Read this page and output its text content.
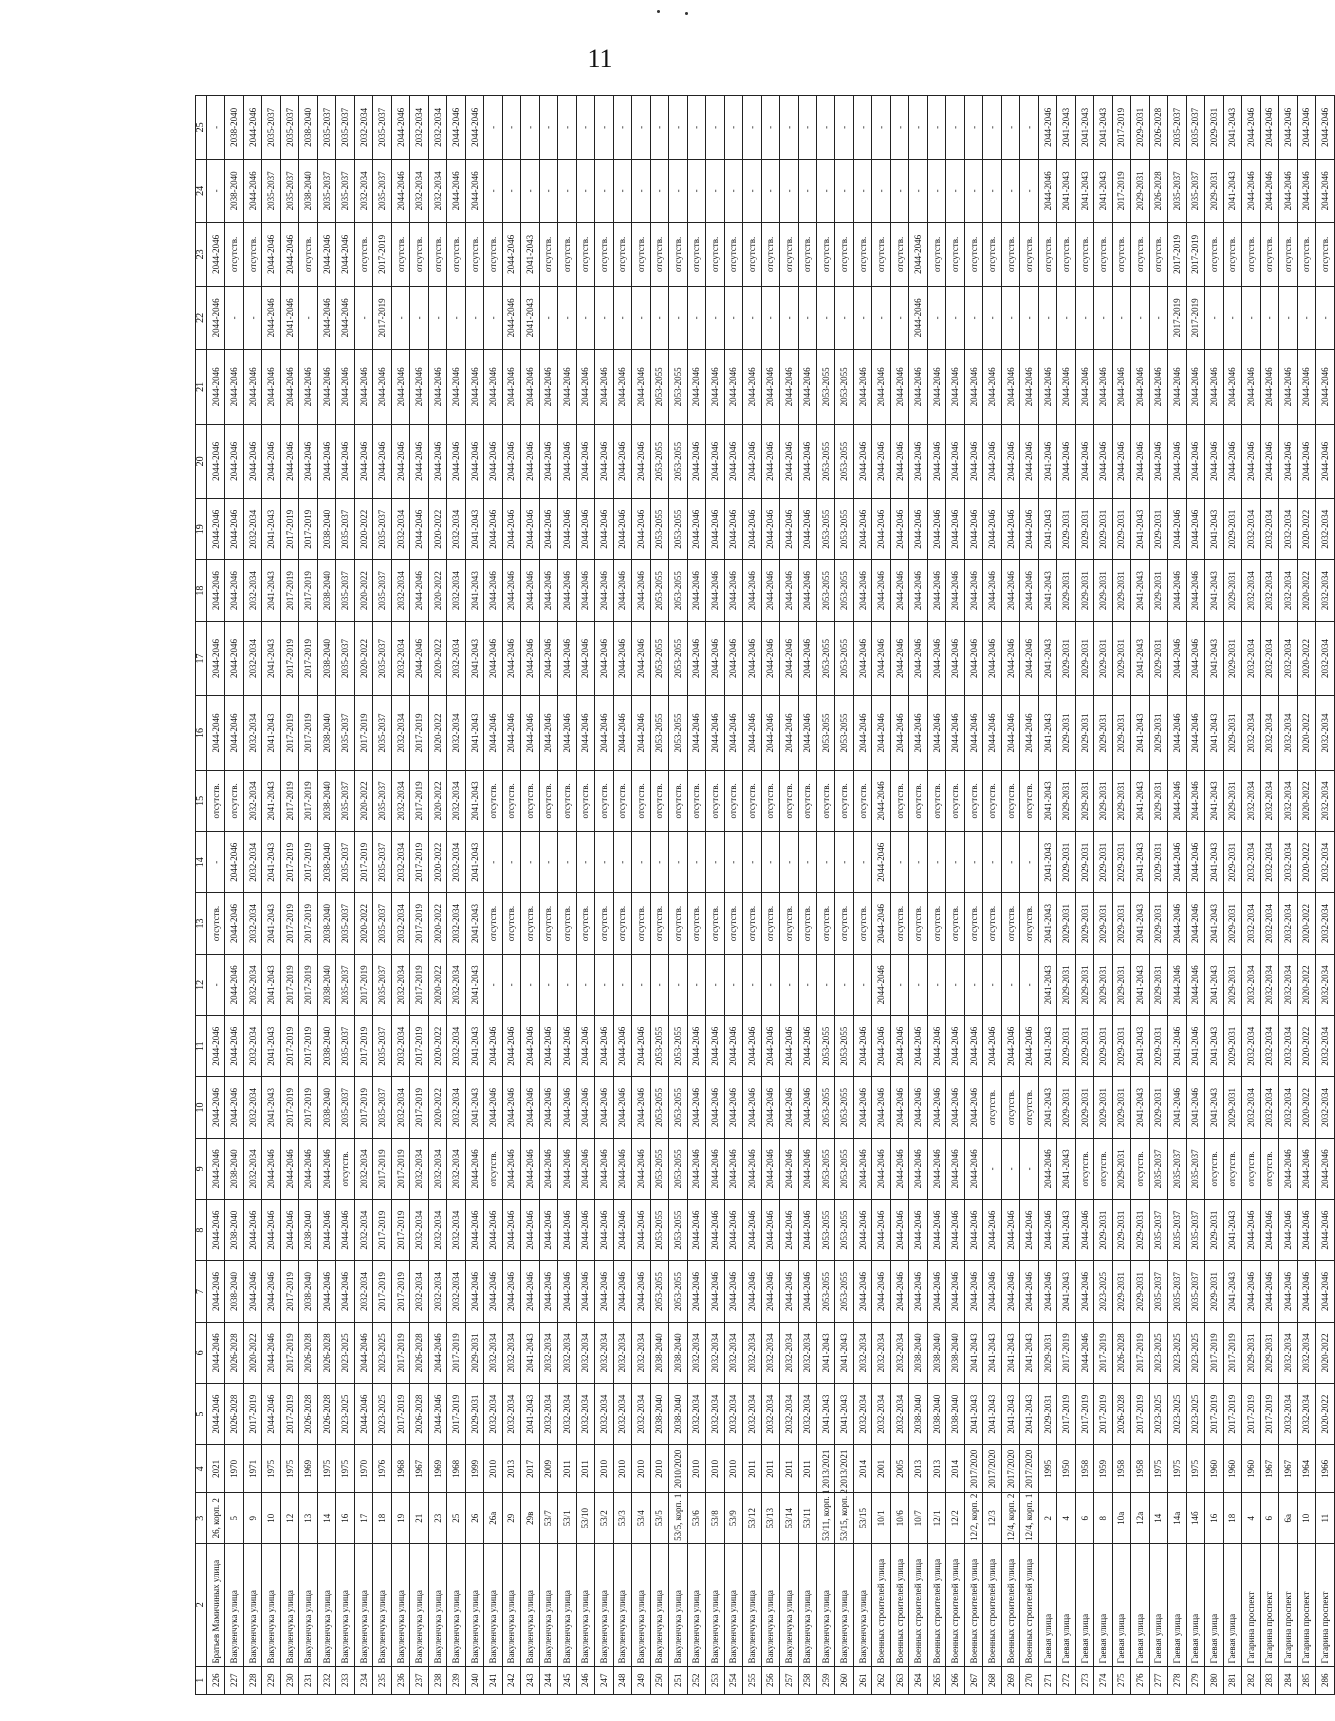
11
1	2	3	4	5	6	7	8	9	10	11	12	13	14	15	16	17	18	19	20	21	22	23	24	25
226	Братьев Мамичиных улица	26, корп. 2	2021	2044-2046	2044-2046	2044-2046	2044-2046	2044-2046	2044-2046	2044-2046	-	отсутств.	-	отсутств.	2044-2046	2044-2046	2044-2046	2044-2046	2044-2046	2044-2046	2044-2046	2044-2046	-	-
227	Вакуленчука улица	5	1970	2026-2028	2026-2028	2038-2040	2038-2040	2038-2040	2044-2046	2044-2046	2044-2046	2044-2046	2044-2046	отсутств.	2044-2046	2044-2046	2044-2046	2044-2046	2044-2046	2044-2046	-	отсутств.	2038-2040	2038-2040
228	Вакуленчука улица	9	1971	2017-2019	2020-2022	2044-2046	2044-2046	2032-2034	2032-2034	2032-2034	2032-2034	2032-2034	2032-2034	2032-2034	2032-2034	2032-2034	2032-2034	2032-2034	2044-2046	2044-2046	-	отсутств.	2044-2046	2044-2046
229	Вакуленчука улица	10	1975	2044-2046	2044-2046	2044-2046	2044-2046	2044-2046	2041-2043	2041-2043	2041-2043	2041-2043	2041-2043	2041-2043	2041-2043	2041-2043	2041-2043	2041-2043	2044-2046	2044-2046	2044-2046	2044-2046	2035-2037	2035-2037
230	Вакуленчука улица	12	1975	2017-2019	2017-2019	2017-2019	2044-2046	2044-2046	2017-2019	2017-2019	2017-2019	2017-2019	2017-2019	2017-2019	2017-2019	2017-2019	2017-2019	2017-2019	2044-2046	2044-2046	2041-2046	2044-2046	2035-2037	2035-2037
231	Вакуленчука улица	13	1969	2026-2028	2026-2028	2038-2040	2038-2040	2044-2046	2017-2019	2017-2019	2017-2019	2017-2019	2017-2019	2017-2019	2017-2019	2017-2019	2017-2019	2017-2019	2044-2046	2044-2046	-	отсутств.	2038-2040	2038-2040
232	Вакуленчука улица	14	1975	2026-2028	2026-2028	2044-2046	2044-2046	2044-2046	2038-2040	2038-2040	2038-2040	2038-2040	2038-2040	2038-2040	2038-2040	2038-2040	2038-2040	2038-2040	2044-2046	2044-2046	2044-2046	2044-2046	2035-2037	2035-2037
233	Вакуленчука улица	16	1975	2023-2025	2023-2025	2044-2046	2044-2046	отсутств.	2035-2037	2035-2037	2035-2037	2035-2037	2035-2037	2035-2037	2035-2037	2035-2037	2035-2037	2035-2037	2044-2046	2044-2046	2044-2046	2044-2046	2035-2037	2035-2037
234	Вакуленчука улица	17	1970	2044-2046	2044-2046	2032-2034	2032-2034	2032-2034	2017-2019	2017-2019	2017-2019	2020-2022	2017-2019	2020-2022	2017-2019	2020-2022	2020-2022	2020-2022	2044-2046	2044-2046	-	отсутств.	2032-2034	2032-2034
235	Вакуленчука улица	18	1976	2023-2025	2023-2025	2017-2019	2017-2019	2017-2019	2035-2037	2035-2037	2035-2037	2035-2037	2035-2037	2035-2037	2035-2037	2035-2037	2035-2037	2035-2037	2044-2046	2044-2046	2017-2019	2017-2019	2035-2037	2035-2037
236	Вакуленчука улица	19	1968	2017-2019	2017-2019	2017-2019	2017-2019	2017-2019	2032-2034	2032-2034	2032-2034	2032-2034	2032-2034	2032-2034	2032-2034	2032-2034	2032-2034	2032-2034	2044-2046	2044-2046	-	отсутств.	2044-2046	2044-2046
237	Вакуленчука улица	21	1967	2026-2028	2026-2028	2032-2034	2032-2034	2032-2034	2017-2019	2017-2019	2017-2019	2017-2019	2017-2019	2017-2019	2017-2019	2044-2046	2044-2046	2044-2046	2044-2046	2044-2046	-	отсутств.	2032-2034	2032-2034
238	Вакуленчука улица	23	1969	2044-2046	2044-2046	2032-2034	2032-2034	2032-2034	2020-2022	2020-2022	2020-2022	2020-2022	2020-2022	2020-2022	2020-2022	2020-2022	2020-2022	2020-2022	2044-2046	2044-2046	-	отсутств.	2032-2034	2032-2034
239	Вакуленчука улица	25	1968	2017-2019	2017-2019	2032-2034	2032-2034	2032-2034	2032-2034	2032-2034	2032-2034	2032-2034	2032-2034	2032-2034	2032-2034	2032-2034	2032-2034	2032-2034	2044-2046	2044-2046	-	отсутств.	2044-2046	2044-2046
240	Вакуленчука улица	26	1999	2029-2031	2029-2031	2044-2046	2044-2046	2044-2046	2041-2043	2041-2043	2041-2043	2041-2043	2041-2043	2041-2043	2041-2043	2041-2043	2041-2043	2041-2043	2044-2046	2044-2046	-	отсутств.	2044-2046	2044-2046
241	Вакуленчука улица	26а	2010	2032-2034	2032-2034	2044-2046	2044-2046	отсутств.	2044-2046	2044-2046	-	отсутств.	-	отсутств.	2044-2046	2044-2046	2044-2046	2044-2046	2044-2046	2044-2046	-	отсутств.	-	-
242	Вакуленчука улица	29	2013	2032-2034	2032-2034	2044-2046	2044-2046	2044-2046	2044-2046	2044-2046	-	отсутств.	-	отсутств.	2044-2046	2044-2046	2044-2046	2044-2046	2044-2046	2044-2046	2044-2046	2044-2046	-	-
243	Вакуленчука улица	29в	2017	2041-2043	2041-2043	2044-2046	2044-2046	2044-2046	2044-2046	2044-2046	-	отсутств.	-	отсутств.	2044-2046	2044-2046	2044-2046	2044-2046	2044-2046	2044-2046	2041-2043	2041-2043	-	-
244	Вакуленчука улица	53/7	2009	2032-2034	2032-2034	2044-2046	2044-2046	2044-2046	2044-2046	2044-2046	-	отсутств.	-	отсутств.	2044-2046	2044-2046	2044-2046	2044-2046	2044-2046	2044-2046	-	отсутств.	-	-
245	Вакуленчука улица	53/1	2011	2032-2034	2032-2034	2044-2046	2044-2046	2044-2046	2044-2046	2044-2046	-	отсутств.	-	отсутств.	2044-2046	2044-2046	2044-2046	2044-2046	2044-2046	2044-2046	-	отсутств.	-	-
246	Вакуленчука улица	53/10	2011	2032-2034	2032-2034	2044-2046	2044-2046	2044-2046	2044-2046	2044-2046	-	отсутств.	-	отсутств.	2044-2046	2044-2046	2044-2046	2044-2046	2044-2046	2044-2046	-	отсутств.	-	-
247	Вакуленчука улица	53/2	2010	2032-2034	2032-2034	2044-2046	2044-2046	2044-2046	2044-2046	2044-2046	-	отсутств.	-	отсутств.	2044-2046	2044-2046	2044-2046	2044-2046	2044-2046	2044-2046	-	отсутств.	-	-
248	Вакуленчука улица	53/3	2010	2032-2034	2032-2034	2044-2046	2044-2046	2044-2046	2044-2046	2044-2046	-	отсутств.	-	отсутств.	2044-2046	2044-2046	2044-2046	2044-2046	2044-2046	2044-2046	-	отсутств.	-	-
249	Вакуленчука улица	53/4	2010	2032-2034	2032-2034	2044-2046	2044-2046	2044-2046	2044-2046	2044-2046	-	отсутств.	-	отсутств.	2044-2046	2044-2046	2044-2046	2044-2046	2044-2046	2044-2046	-	отсутств.	-	-
250	Вакуленчука улица	53/5	2010	2038-2040	2038-2040	2053-2055	2053-2055	2053-2055	2053-2055	2053-2055	-	отсутств.	-	отсутств.	2053-2055	2053-2055	2053-2055	2053-2055	2053-2055	2053-2055	-	отсутств.	-	-
251	Вакуленчука улица	53/5, корп. 1	2010/2020	2038-2040	2038-2040	2053-2055	2053-2055	2053-2055	2053-2055	2053-2055	-	отсутств.	-	отсутств.	2053-2055	2053-2055	2053-2055	2053-2055	2053-2055	2053-2055	-	отсутств.	-	-
252	Вакуленчука улица	53/6	2010	2032-2034	2032-2034	2044-2046	2044-2046	2044-2046	2044-2046	2044-2046	-	отсутств.	-	отсутств.	2044-2046	2044-2046	2044-2046	2044-2046	2044-2046	2044-2046	-	отсутств.	-	-
253	Вакуленчука улица	53/8	2010	2032-2034	2032-2034	2044-2046	2044-2046	2044-2046	2044-2046	2044-2046	-	отсутств.	-	отсутств.	2044-2046	2044-2046	2044-2046	2044-2046	2044-2046	2044-2046	-	отсутств.	-	-
254	Вакуленчука улица	53/9	2010	2032-2034	2032-2034	2044-2046	2044-2046	2044-2046	2044-2046	2044-2046	-	отсутств.	-	отсутств.	2044-2046	2044-2046	2044-2046	2044-2046	2044-2046	2044-2046	-	отсутств.	-	-
255	Вакуленчука улица	53/12	2011	2032-2034	2032-2034	2044-2046	2044-2046	2044-2046	2044-2046	2044-2046	-	отсутств.	-	отсутств.	2044-2046	2044-2046	2044-2046	2044-2046	2044-2046	2044-2046	-	отсутств.	-	-
256	Вакуленчука улица	53/13	2011	2032-2034	2032-2034	2044-2046	2044-2046	2044-2046	2044-2046	2044-2046	-	отсутств.	-	отсутств.	2044-2046	2044-2046	2044-2046	2044-2046	2044-2046	2044-2046	-	отсутств.	-	-
257	Вакуленчука улица	53/14	2011	2032-2034	2032-2034	2044-2046	2044-2046	2044-2046	2044-2046	2044-2046	-	отсутств.	-	отсутств.	2044-2046	2044-2046	2044-2046	2044-2046	2044-2046	2044-2046	-	отсутств.	-	-
258	Вакуленчука улица	53/11	2011	2032-2034	2032-2034	2044-2046	2044-2046	2044-2046	2044-2046	2044-2046	-	отсутств.	-	отсутств.	2044-2046	2044-2046	2044-2046	2044-2046	2044-2046	2044-2046	-	отсутств.	-	-
259	Вакуленчука улица	53/11, корп. 1	2013/2021	2041-2043	2041-2043	2053-2055	2053-2055	2053-2055	2053-2055	2053-2055	-	отсутств.	-	отсутств.	2053-2055	2053-2055	2053-2055	2053-2055	2053-2055	2053-2055	-	отсутств.	-	-
260	Вакуленчука улица	53/15, корп. 2	2013/2021	2041-2043	2041-2043	2053-2055	2053-2055	2053-2055	2053-2055	2053-2055	-	отсутств.	-	отсутств.	2053-2055	2053-2055	2053-2055	2053-2055	2053-2055	2053-2055	-	отсутств.	-	-
261	Вакуленчука улица	53/15	2014	2032-2034	2032-2034	2044-2046	2044-2046	2044-2046	2044-2046	2044-2046	-	отсутств.	-	отсутств.	2044-2046	2044-2046	2044-2046	2044-2046	2044-2046	2044-2046	-	отсутств.	-	-
262	Военных строителей улица	10/1	2001	2032-2034	2032-2034	2044-2046	2044-2046	2044-2046	2044-2046	2044-2046	2044-2046	2044-2046	2044-2046	2044-2046	2044-2046	2044-2046	2044-2046	2044-2046	2044-2046	2044-2046	-	отсутств.	-	-
263	Военных строителей улица	10/6	2005	2032-2034	2032-2034	2044-2046	2044-2046	2044-2046	2044-2046	2044-2046	-	отсутств.	-	отсутств.	2044-2046	2044-2046	2044-2046	2044-2046	2044-2046	2044-2046	-	отсутств.	-	-
264	Военных строителей улица	10/7	2013	2038-2040	2038-2040	2044-2046	2044-2046	2044-2046	2044-2046	2044-2046	-	отсутств.	-	отсутств.	2044-2046	2044-2046	2044-2046	2044-2046	2044-2046	2044-2046	2044-2046	2044-2046	-	-
265	Военных строителей улица	12/1	2013	2038-2040	2038-2040	2044-2046	2044-2046	2044-2046	2044-2046	2044-2046	-	отсутств.	-	отсутств.	2044-2046	2044-2046	2044-2046	2044-2046	2044-2046	2044-2046	-	отсутств.	-	-
266	Военных строителей улица	12/2	2014	2038-2040	2038-2040	2044-2046	2044-2046	2044-2046	2044-2046	2044-2046	-	отсутств.	-	отсутств.	2044-2046	2044-2046	2044-2046	2044-2046	2044-2046	2044-2046	-	отсутств.	-	-
267	Военных строителей улица	12/2, корп. 2	2017/2020	2041-2043	2041-2043	2044-2046	2044-2046	2044-2046	2044-2046	2044-2046	-	отсутств.	-	отсутств.	2044-2046	2044-2046	2044-2046	2044-2046	2044-2046	2044-2046	-	отсутств.	-	-
268	Военных строителей улица	12/3	2017/2020	2041-2043	2041-2043	2044-2046	2044-2046	-	отсутств.	2044-2046	-	отсутств.	-	отсутств.	2044-2046	2044-2046	2044-2046	2044-2046	2044-2046	2044-2046	-	отсутств.	-	-
269	Военных строителей улица	12/4, корп. 2	2017/2020	2041-2043	2041-2043	2044-2046	2044-2046	-	отсутств.	2044-2046	-	отсутств.	-	отсутств.	2044-2046	2044-2046	2044-2046	2044-2046	2044-2046	2044-2046	-	отсутств.	-	-
270	Военных строителей улица	12/4, корп. 1	2017/2020	2041-2043	2041-2043	2044-2046	2044-2046	-	отсутств.	2044-2046	-	отсутств.	-	отсутств.	2044-2046	2044-2046	2044-2046	2044-2046	2044-2046	2044-2046	-	отсутств.	-	-
271	Гаевая улица	2	1995	2029-2031	2029-2031	2044-2046	2044-2046	2044-2046	2041-2043	2041-2043	2041-2043	2041-2043	2041-2043	2041-2043	2041-2043	2041-2043	2041-2043	2041-2043	2041-2046	2044-2046	-	отсутств.	2044-2046	2044-2046
272	Гаевая улица	4	1950	2017-2019	2017-2019	2041-2043	2041-2043	2041-2043	2029-2031	2029-2031	2029-2031	2029-2031	2029-2031	2029-2031	2029-2031	2029-2031	2029-2031	2029-2031	2044-2046	2044-2046	-	отсутств.	2041-2043	2041-2043
273	Гаевая улица	6	1958	2017-2019	2044-2046	2044-2046	2044-2046	отсутств.	2029-2031	2029-2031	2029-2031	2029-2031	2029-2031	2029-2031	2029-2031	2029-2031	2029-2031	2029-2031	2044-2046	2044-2046	-	отсутств.	2041-2043	2041-2043
274	Гаевая улица	8	1959	2017-2019	2017-2019	2023-2025	2029-2031	отсутств.	2029-2031	2029-2031	2029-2031	2029-2031	2029-2031	2029-2031	2029-2031	2029-2031	2029-2031	2029-2031	2044-2046	2044-2046	-	отсутств.	2041-2043	2041-2043
275	Гаевая улица	10а	1958	2026-2028	2026-2028	2029-2031	2029-2031	2029-2031	2029-2031	2029-2031	2029-2031	2029-2031	2029-2031	2029-2031	2029-2031	2029-2031	2029-2031	2029-2031	2044-2046	2044-2046	-	отсутств.	2017-2019	2017-2019
276	Гаевая улица	12а	1958	2017-2019	2017-2019	2029-2031	2029-2031	отсутств.	2041-2043	2041-2043	2041-2043	2041-2043	2041-2043	2041-2043	2041-2043	2041-2043	2041-2043	2041-2043	2044-2046	2044-2046	-	отсутств.	2029-2031	2029-2031
277	Гаевая улица	14	1975	2023-2025	2023-2025	2035-2037	2035-2037	2035-2037	2029-2031	2029-2031	2029-2031	2029-2031	2029-2031	2029-2031	2029-2031	2029-2031	2029-2031	2029-2031	2044-2046	2044-2046	-	отсутств.	2026-2028	2026-2028
278	Гаевая улица	14а	1975	2023-2025	2023-2025	2035-2037	2035-2037	2035-2037	2041-2046	2041-2046	2044-2046	2044-2046	2044-2046	2044-2046	2044-2046	2044-2046	2044-2046	2044-2046	2044-2046	2044-2046	2017-2019	2017-2019	2035-2037	2035-2037
279	Гаевая улица	14б	1975	2023-2025	2023-2025	2035-2037	2035-2037	2035-2037	2041-2046	2041-2046	2044-2046	2044-2046	2044-2046	2044-2046	2044-2046	2044-2046	2044-2046	2044-2046	2044-2046	2044-2046	2017-2019	2017-2019	2035-2037	2035-2037
280	Гаевая улица	16	1960	2017-2019	2017-2019	2029-2031	2029-2031	отсутств.	2041-2043	2041-2043	2041-2043	2041-2043	2041-2043	2041-2043	2041-2043	2041-2043	2041-2043	2041-2043	2044-2046	2044-2046	-	отсутств.	2029-2031	2029-2031
281	Гаевая улица	18	1960	2017-2019	2017-2019	2041-2043	2041-2043	отсутств.	2029-2031	2029-2031	2029-2031	2029-2031	2029-2031	2029-2031	2029-2031	2029-2031	2029-2031	2029-2031	2044-2046	2044-2046	-	отсутств.	2041-2043	2041-2043
282	Гагарина проспект	4	1960	2017-2019	2029-2031	2044-2046	2044-2046	отсутств.	2032-2034	2032-2034	2032-2034	2032-2034	2032-2034	2032-2034	2032-2034	2032-2034	2032-2034	2032-2034	2044-2046	2044-2046	-	отсутств.	2044-2046	2044-2046
283	Гагарина проспект	6	1967	2017-2019	2029-2031	2044-2046	2044-2046	отсутств.	2032-2034	2032-2034	2032-2034	2032-2034	2032-2034	2032-2034	2032-2034	2032-2034	2032-2034	2032-2034	2044-2046	2044-2046	-	отсутств.	2044-2046	2044-2046
284	Гагарина проспект	6а	1967	2032-2034	2032-2034	2044-2046	2044-2046	2044-2046	2032-2034	2032-2034	2032-2034	2032-2034	2032-2034	2032-2034	2032-2034	2032-2034	2032-2034	2032-2034	2044-2046	2044-2046	-	отсутств.	2044-2046	2044-2046
285	Гагарина проспект	10	1964	2032-2034	2032-2034	2044-2046	2044-2046	2044-2046	2020-2022	2020-2022	2020-2022	2020-2022	2020-2022	2020-2022	2020-2022	2020-2022	2020-2022	2020-2022	2044-2046	2044-2046	-	отсутств.	2044-2046	2044-2046
286	Гагарина проспект	11	1966	2020-2022	2020-2022	2044-2046	2044-2046	2044-2046	2032-2034	2032-2034	2032-2034	2032-2034	2032-2034	2032-2034	2032-2034	2032-2034	2032-2034	2032-2034	2044-2046	2044-2046	-	отсутств.	2044-2046	2044-2046
